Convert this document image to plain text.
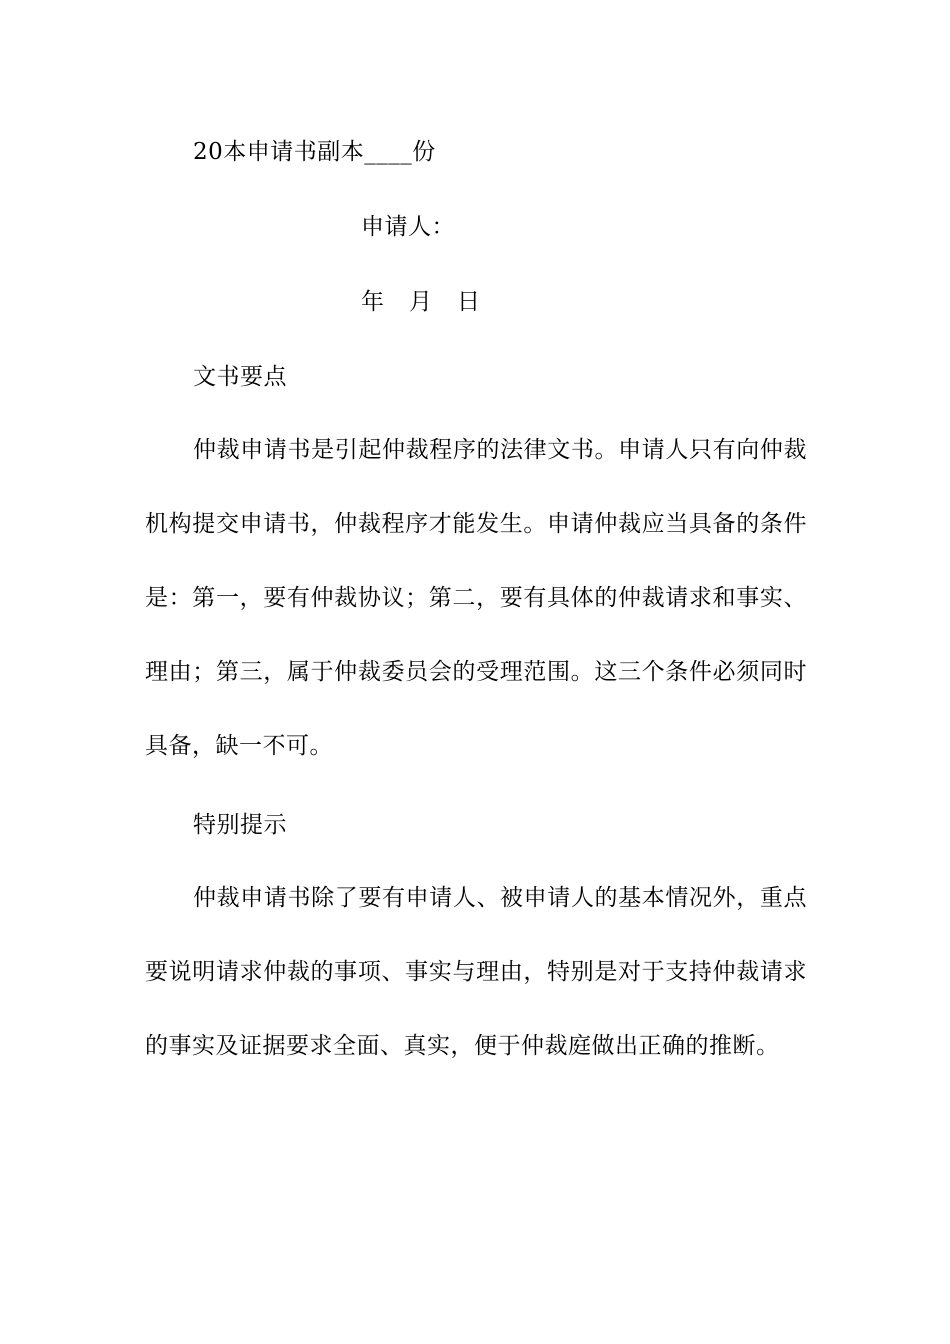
20本申请书副本____份

申请人：

年 月 日
文书要点

仲裁申请书是引起仲裁程序的法律文书。申请人只有向仲裁机构提交申请书，仲裁程序才能发生。申请仲裁应当具备的条件是：第一，要有仲裁协议；第二，要有具体的仲裁请求和事实、理由；第三，属于仲裁委员会的受理范围。这三个条件必须同时具备，缺一不可。

特别提示

仲裁申请书除了要有申请人、被申请人的基本情况外，重点要说明请求仲裁的事项、事实与理由，特别是对于支持仲裁请求的事实及证据要求全面、真实，便于仲裁庭做出正确的推断。
